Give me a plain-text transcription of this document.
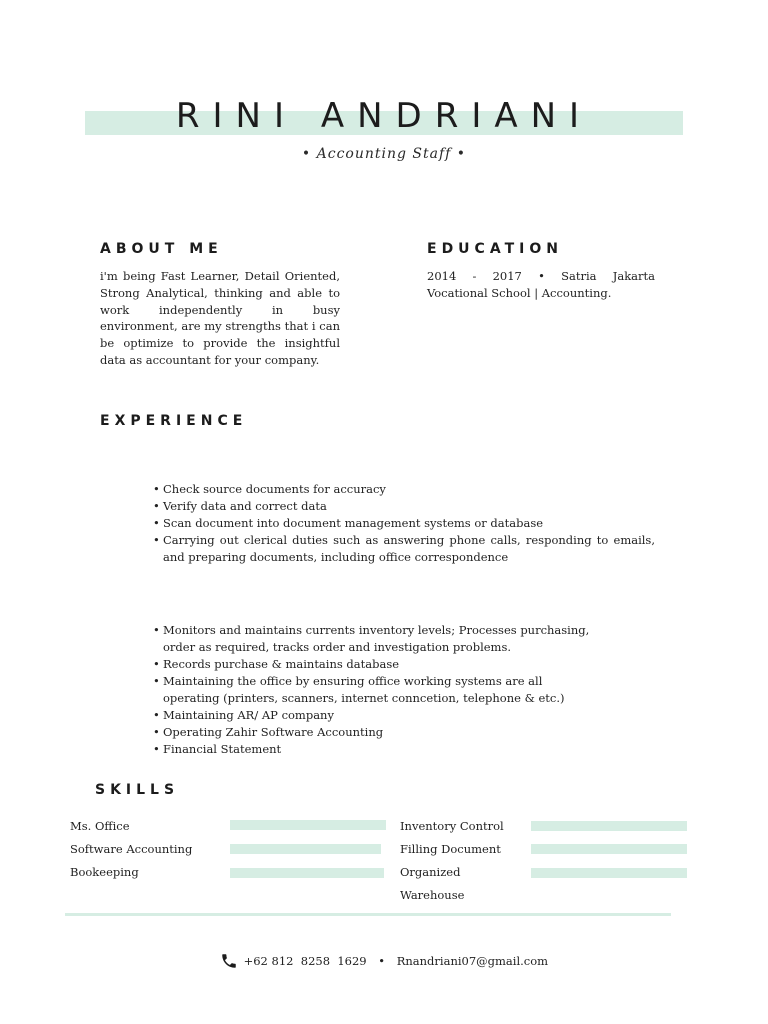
RINI ANDRIANI
• Accounting Staff •
ABOUT ME
i'm being Fast Learner, Detail Oriented, Strong Analytical, thinking and able to work independently in busy environment, are my strengths that i can be optimize to provide the insightful data as accountant for your company.
EDUCATION
2014 - 2017 • Satria Jakarta Vocational School | Accounting.
EXPERIENCE
• Check source documents for accuracy
• Verify data and correct data
• Scan document into document management systems or database
• Carrying out clerical duties such as answering phone calls, responding to emails, and preparing documents, including office correspondence
• Monitors and maintains currents inventory levels; Processes purchasing, order as required, tracks order and investigation problems.
• Records purchase & maintains database
• Maintaining the office by ensuring office working systems are all operating (printers, scanners, internet conncetion, telephone & etc.)
• Maintaining AR/ AP company
• Operating Zahir Software Accounting
• Financial Statement
SKILLS
Ms. Office
Software Accounting
Bookeeping
Inventory Control
Filling Document
Organized
Warehouse
+62 812  8258  1629 • Rnandriani07@gmail.com
